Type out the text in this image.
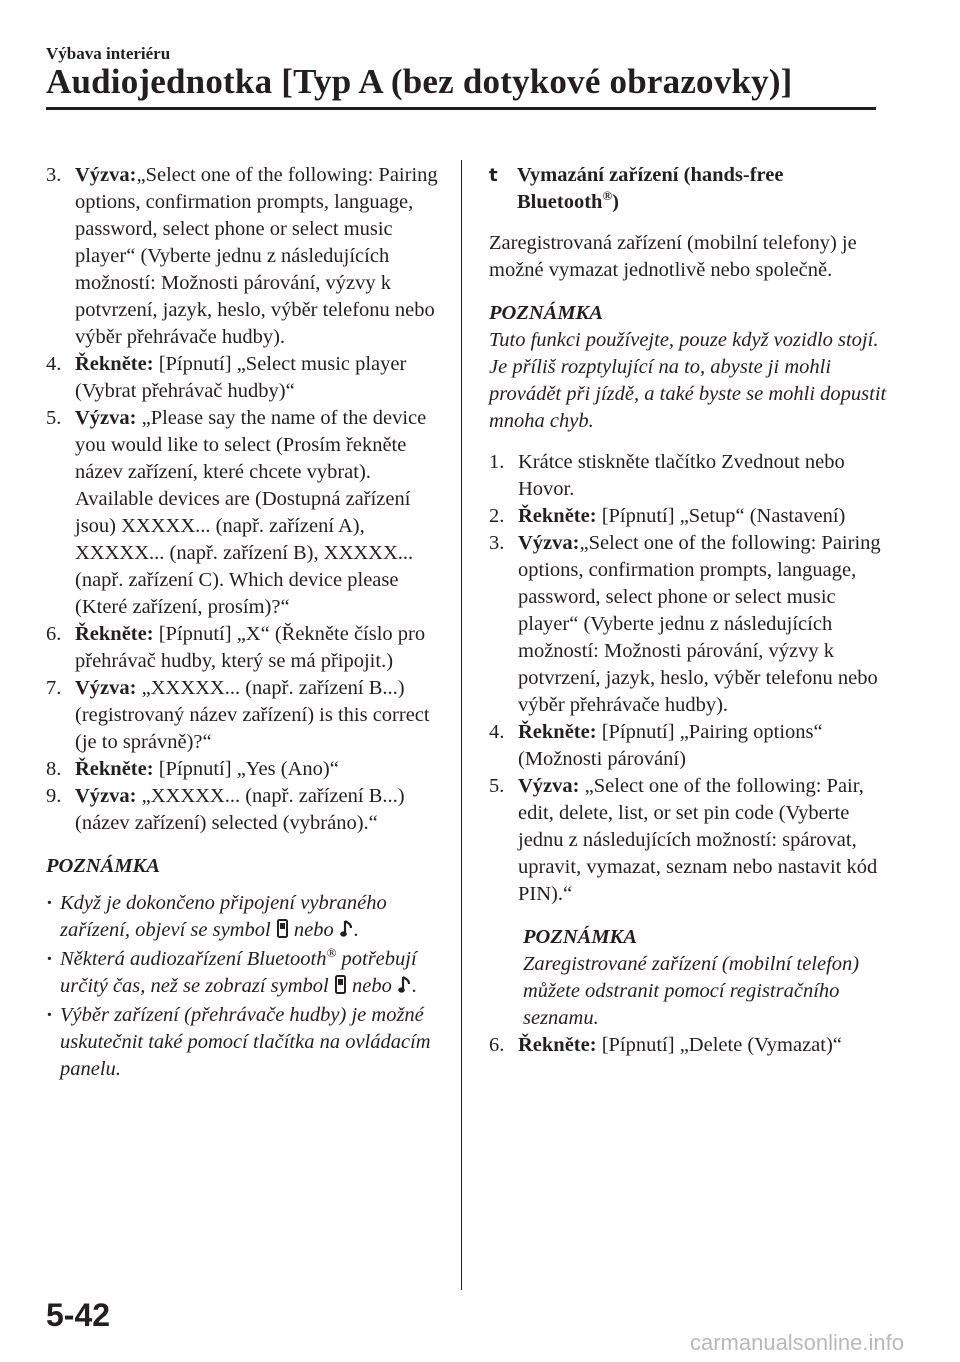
Výbava interiéru
Audiojednotka [Typ A (bez dotykové obrazovky)]
3. Výzva:„Select one of the following: Pairing options, confirmation prompts, language, password, select phone or select music player“ (Vyberte jednu z následujících možností: Možnosti párování, výzvy k potvrzení, jazyk, heslo, výběr telefonu nebo výběr přehrávače hudby).
4. Řekněte: [Pípnutí] „Select music player (Vybrat přehrávač hudby)“
5. Výzva: „Please say the name of the device you would like to select (Prosím řekněte název zařízení, které chcete vybrat). Available devices are (Dostupná zařízení jsou) XXXXX... (např. zařízení A), XXXXX... (např. zařízení B), XXXXX... (např. zařízení C). Which device please (Které zařízení, prosím)?“
6. Řekněte: [Pípnutí] „X“ (Řekněte číslo pro přehrávač hudby, který se má připojit.)
7. Výzva: „XXXXX... (např. zařízení B...) (registrovaný název zařízení) is this correct (je to správně)?“
8. Řekněte: [Pípnutí] „Yes (Ano)“
9. Výzva: „XXXXX... (např. zařízení B...) (název zařízení) selected (vybráno).“
POZNÁMKA
· Když je dokončeno připojení vybraného zařízení, objeví se symbol nebo .
· Některá audiozařízení Bluetooth® potřebují určitý čas, než se zobrazí symbol nebo .
· Výběr zařízení (přehrávače hudby) je možné uskutečnit také pomocí tlačítka na ovládacím panelu.
t Vymazání zařízení (hands-free Bluetooth®)
Zaregistrovaná zařízení (mobilní telefony) je možné vymazat jednotlivě nebo společně.
POZNÁMKA
Tuto funkci používejte, pouze když vozidlo stojí. Je příliš rozptylující na to, abyste ji mohli provádět při jízdě, a také byste se mohli dopustit mnoha chyb.
1. Krátce stiskněte tlačítko Zvednout nebo Hovor.
2. Řekněte: [Pípnutí] „Setup“ (Nastavení)
3. Výzva:„Select one of the following: Pairing options, confirmation prompts, language, password, select phone or select music player“ (Vyberte jednu z následujících možností: Možnosti párování, výzvy k potvrzení, jazyk, heslo, výběr telefonu nebo výběr přehrávače hudby).
4. Řekněte: [Pípnutí] „Pairing options“ (Možnosti párování)
5. Výzva: „Select one of the following: Pair, edit, delete, list, or set pin code (Vyberte jednu z následujících možností: spárovat, upravit, vymazat, seznam nebo nastavit kód PIN).“
POZNÁMKA
Zaregistrované zařízení (mobilní telefon) můžete odstranit pomocí registračního seznamu.
6. Řekněte: [Pípnutí] „Delete (Vymazat)“
5-42
carmanualsonline.info
